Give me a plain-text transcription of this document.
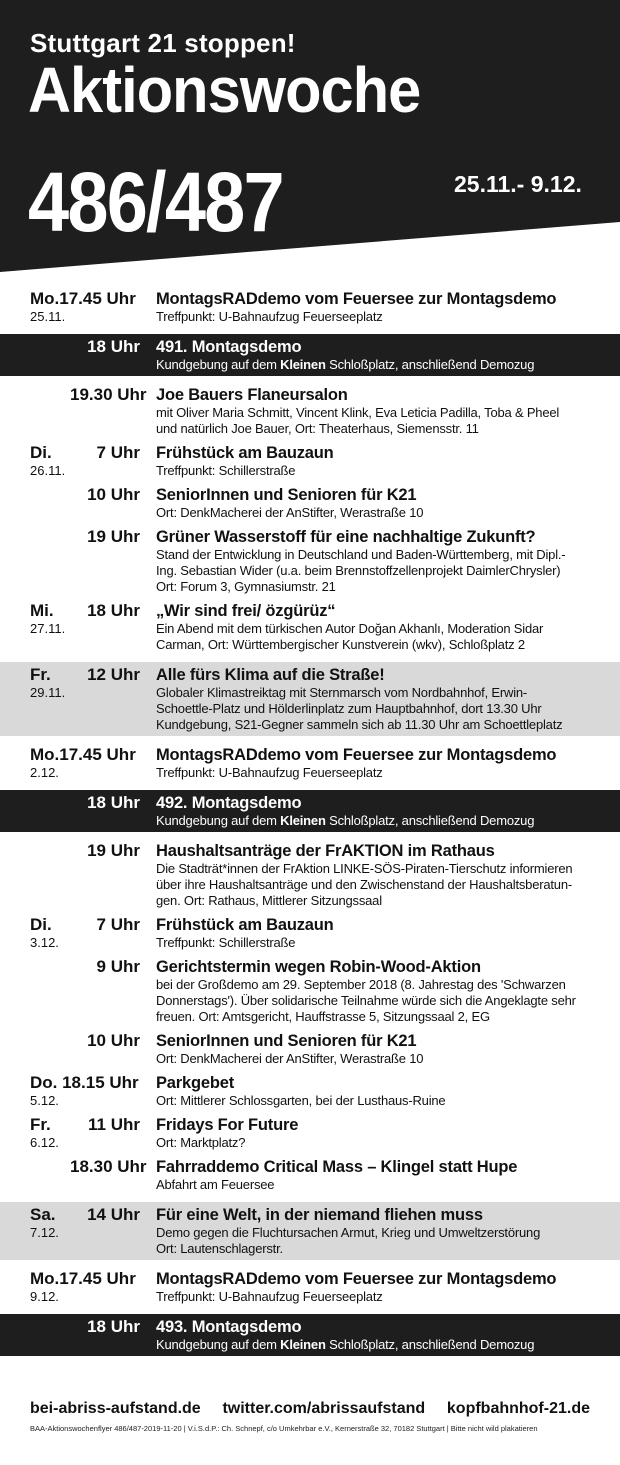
Stuttgart 21 stoppen!
Aktionswoche
486/487	25.11.- 9.12.
Mo.17.45 Uhr
25.11.
MontagsRADdemo vom Feuersee zur Montagsdemo
Treffpunkt: U-Bahnaufzug Feuerseeplatz
18 Uhr 491. Montagsdemo
Kundgebung auf dem Kleinen Schloßplatz, anschließend Demozug
19.30 Uhr Joe Bauers Flaneursalon
mit Oliver Maria Schmitt, Vincent Klink, Eva Leticia Padilla, Toba & Pheel
und natürlich Joe Bauer, Ort: Theaterhaus, Siemensstr. 11
Di.
26.11.
7 Uhr Frühstück am Bauzaun
Treffpunkt: Schillerstraße
10 Uhr SeniorInnen und Senioren für K21
Ort: DenkMacherei der AnStifter, Werastraße 10
19 Uhr Grüner Wasserstoff für eine nachhaltige Zukunft?
Stand der Entwicklung in Deutschland und Baden-Württemberg, mit Dipl.-
Ing. Sebastian Wider (u.a. beim Brennstoffzellenprojekt DaimlerChrysler)
Ort: Forum 3, Gymnasiumstr. 21
Mi.
27.11.
18 Uhr „Wir sind frei/ özgürüz“
Ein Abend mit dem türkischen Autor Doğan Akhanlı, Moderation Sidar
Carman, Ort: Württembergischer Kunstverein (wkv), Schloßplatz 2
Fr.
29.11.
12 Uhr Alle fürs Klima auf die Straße!
Globaler Klimastreiktag mit Sternmarsch vom Nordbahnhof, Erwin-
Schoettle-Platz und Hölderlinplatz zum Hauptbahnhof, dort 13.30 Uhr
Kundgebung, S21-Gegner sammeln sich ab 11.30 Uhr am Schoettleplatz
Mo.17.45 Uhr
2.12.
MontagsRADdemo vom Feuersee zur Montagsdemo
Treffpunkt: U-Bahnaufzug Feuerseeplatz
18 Uhr 492. Montagsdemo
Kundgebung auf dem Kleinen Schloßplatz, anschließend Demozug
19 Uhr Haushaltsanträge der FrAKTION im Rathaus
Die Stadträt*innen der FrAktion LINKE-SÖS-Piraten-Tierschutz informieren
über ihre Haushaltsanträge und den Zwischenstand der Haushaltsberatun-
gen. Ort: Rathaus, Mittlerer Sitzungssaal
Di.
3.12.
7 Uhr Frühstück am Bauzaun
Treffpunkt: Schillerstraße
9 Uhr Gerichtstermin wegen Robin-Wood-Aktion
bei der Großdemo am 29. September 2018 (8. Jahrestag des 'Schwarzen
Donnerstags'). Über solidarische Teilnahme würde sich die Angeklagte sehr
freuen. Ort: Amtsgericht, Hauffstrasse 5, Sitzungssaal 2, EG
10 Uhr SeniorInnen und Senioren für K21
Ort: DenkMacherei der AnStifter, Werastraße 10
Do. 18.15 Uhr
5.12.
Parkgebet
Ort: Mittlerer Schlossgarten, bei der Lusthaus-Ruine
Fr.
6.12.
11 Uhr Fridays For Future
Ort: Marktplatz?
18.30 Uhr Fahrraddemo Critical Mass – Klingel statt Hupe
Abfahrt am Feuersee
Sa.
7.12.
14 Uhr Für eine Welt, in der niemand fliehen muss
Demo gegen die Fluchtursachen Armut, Krieg und Umweltzerstörung
Ort: Lautenschlagerstr.
Mo.17.45 Uhr
9.12.
MontagsRADdemo vom Feuersee zur Montagsdemo
Treffpunkt: U-Bahnaufzug Feuerseeplatz
18 Uhr 493. Montagsdemo
Kundgebung auf dem Kleinen Schloßplatz, anschließend Demozug
bei-abriss-aufstand.de twitter.com/abrissaufstand kopfbahnhof-21.de
BAA-Aktionswochenflyer 486/487-2019-11-20 | V.i.S.d.P.: Ch. Schnepf, c/o Umkehrbar e.V., Kernerstraße 32, 70182 Stuttgart | Bitte nicht wild plakatieren
